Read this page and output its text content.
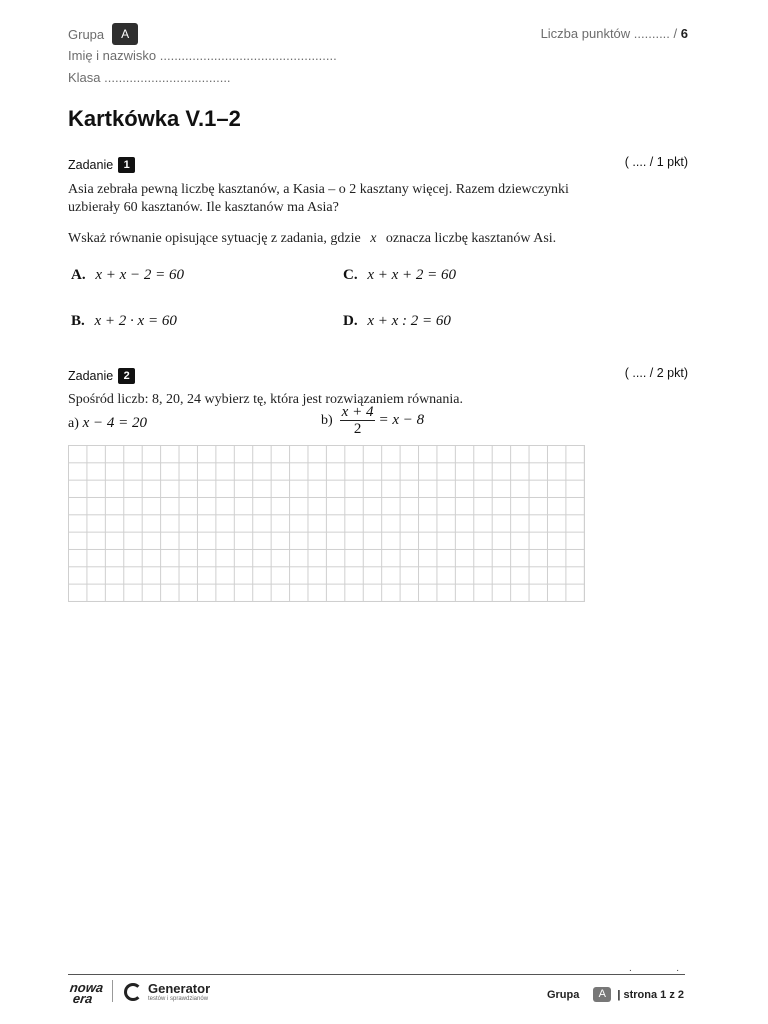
Grupa	A
Imię i nazwisko .................................................
Klasa ...................................
Liczba punktów .......... / 6
Kartkówka V.1–2
Zadanie 1	( .... / 1 pkt)
Asia zebrała pewną liczbę kasztanów, a Kasia – o 2 kasztany więcej. Razem dziewczynki
uzbierały 60 kasztanów. Ile kasztanów ma Asia?
Wskaż równanie opisujące sytuację z zadania, gdzie x oznacza liczbę kasztanów Asi.
A. x + x − 2 = 60	C. x + x + 2 = 60
B. x + 2 · x = 60	D. x + x : 2 = 60
Zadanie 2	( .... / 2 pkt)
Spośród liczb: 8, 20, 24 wybierz tę, która jest rozwiązaniem równania.
a) x − 4 = 20	$b) \frac{x + 4}{2} = x - 8$
.                .
nowa
era
Generator
testów i sprawdzianów	Grupa	A	| strona 1 z 2
